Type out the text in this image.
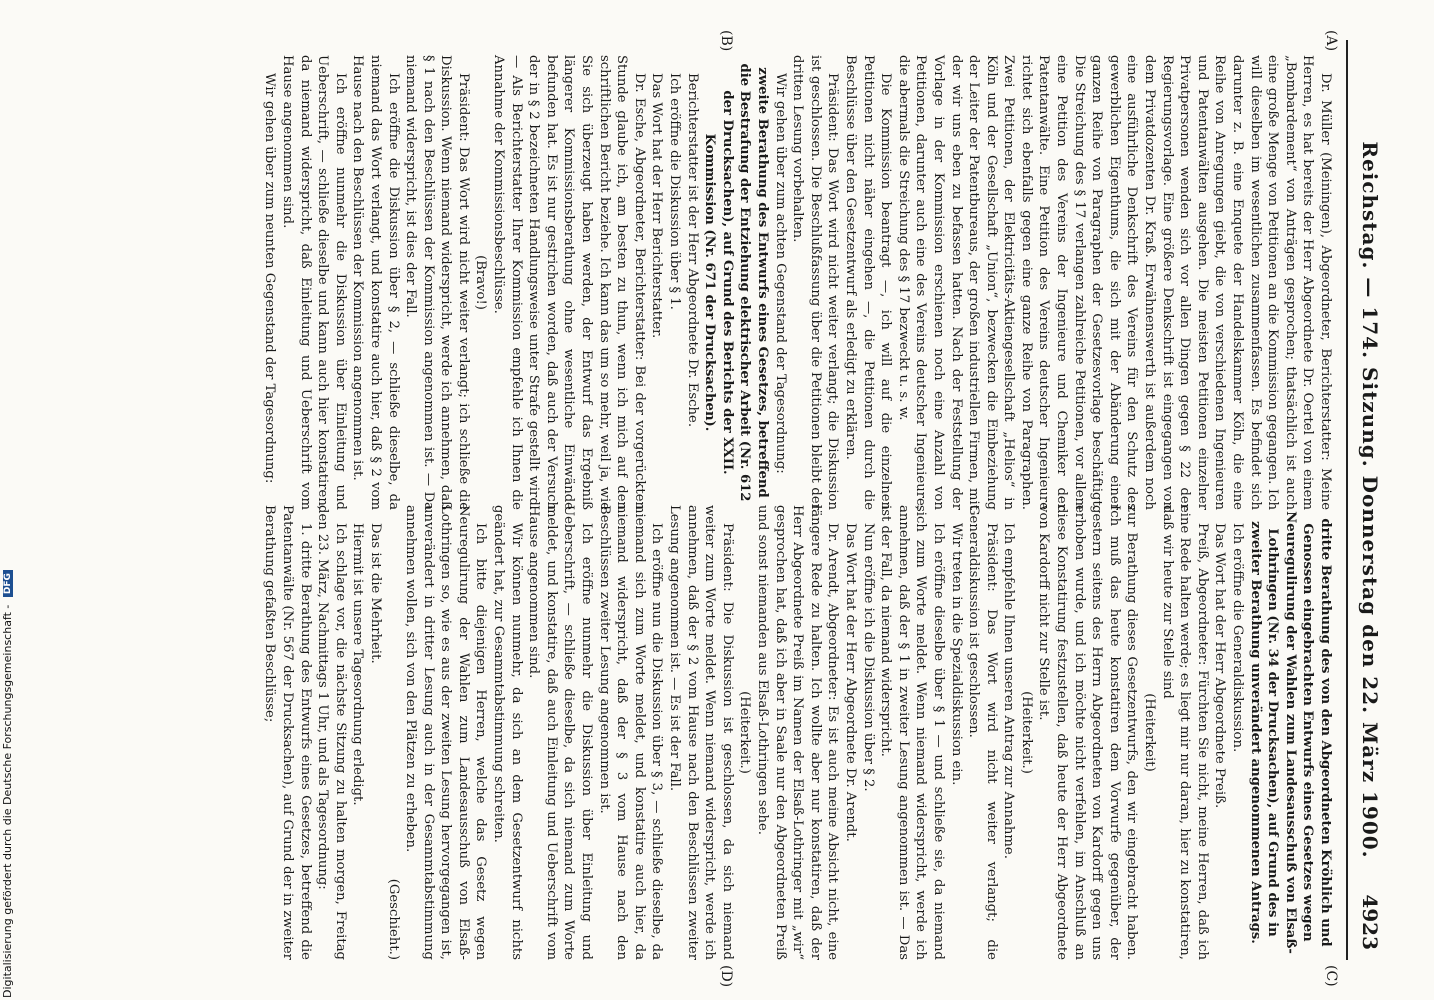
Reichstag. — 174. Sitzung. Donnerstag den 22. März 1900.
4923
(A)
(B)
(C)
(D)

Dr. Müller (Meiningen), Abgeordneter, Berichterstatter: Meine Herren, es hat bereits der Herr Abgeordnete Dr. Oertel von einem „Bombardement“ von Anträgen gesprochen; thatsächlich ist auch eine große Menge von Petitionen an die Kommission gegangen. Ich will dieselben im wesentlichen zusammenfassen. Es befindet sich darunter z. B. eine Enquete der Handelskammer Köln, die eine Reihe von Anregungen giebt, die von verschiedenen Ingenieuren und Patentanwälten ausgehen. Die meisten Petitionen einzelner Privatpersonen wenden sich vor allen Dingen gegen § 22 der Regierungsvorlage. Eine größere Denkschrift ist eingegangen von dem Privatdozenten Dr. Kraß. Erwähnenswerth ist außerdem noch eine ausführliche Denkschrift des Vereins für den Schutz des gewerblichen Eigenthums, die sich mit der Abänderung einer ganzen Reihe von Paragraphen der Gesetzesvorlage beschäftigt. Die Streichung des § 17 verlangen zahlreiche Petitionen, vor allem eine Petition des Vereins der Ingenieure und Chemiker der Patentanwälte. Eine Petition des Vereins deutscher Ingenieure richtet sich ebenfalls gegen eine ganze Reihe von Paragraphen. Zwei Petitionen, der Elektricitäts-Aktiengesellschaft „Helios“ in Köln und der Gesellschaft „Union“, bezwecken die Einbeziehung der Leiter der Patentbureaus, der großen industriellen Firmen, mit der wir uns eben zu befassen hatten. Nach der Feststellung der Vorlage in der Kommission erschienen noch eine Anzahl von Petitionen, darunter auch eine des Vereins deutscher Ingenieure, die abermals die Streichung des § 17 bezweckt u. s. w.

Die Kommission beantragt —, ich will auf die einzelnen Petitionen nicht näher eingehen —, die Petitionen durch die Beschlüsse über den Gesetzentwurf als erledigt zu erklären.

Präsident: Das Wort wird nicht weiter verlangt; die Diskussion ist geschlossen. Die Beschlußfassung über die Petitionen bleibt der dritten Lesung vorbehalten.

Wir gehen über zum achten Gegenstand der Tagesordnung:

zweite Berathung des Entwurfs eines Gesetzes, betreffend die Bestrafung der Entziehung elektrischer Arbeit (Nr. 612 der Drucksachen), auf Grund des Berichts der XXII. Kommission (Nr. 671 der Drucksachen).

Berichterstatter ist der Herr Abgeordnete Dr. Esche.

Ich eröffne die Diskussion über § 1.

Das Wort hat der Herr Berichterstatter.

Dr. Esche, Abgeordneter, Berichterstatter: Bei der vorgerückten Stunde glaube ich, am besten zu thun, wenn ich mich auf den schriftlichen Bericht beziehe. Ich kann das um so mehr, weil ja, wie Sie sich überzeugt haben werden, der Entwurf das Ergebniß längerer Kommissionsberathung ohne wesentliche Einwände befunden hat. Es ist nur gestrichen worden, daß auch der Versuch der in § 2 bezeichneten Handlungsweise unter Strafe gestellt wird. — Als Berichterstatter Ihrer Kommission empfehle ich Ihnen die Annahme der Kommissionsbeschlüsse.

(Bravo!)

Präsident: Das Wort wird nicht weiter verlangt; ich schließe die Diskussion. Wenn niemand widerspricht, werde ich annehmen, daß § 1 nach den Beschlüssen der Kommission angenommen ist. — Da niemand widerspricht, ist dies der Fall.

Ich eröffne die Diskussion über § 2, — schließe dieselbe, da niemand das Wort verlangt, und konstatire auch hier, daß § 2 vom Hause nach den Beschlüssen der Kommission angenommen ist.

Ich eröffne nunmehr die Diskussion über Einleitung und Ueberschrift, — schließe dieselbe und kann auch hier konstatiren, da niemand widerspricht, daß Einleitung und Ueberschrift vom Hause angenommen sind.

Wir gehen über zum neunten Gegenstand der Tagesordnung:

dritte Berathung des von den Abgeordneten Kröhlich und Genossen eingebrachten Entwurfs eines Gesetzes wegen Neuregulirung der Wahlen zum Landesausschuß von Elsaß-Lothringen (Nr. 34 der Drucksachen), auf Grund des in zweiter Berathung unverändert angenommenen Antrags.

Ich eröffne die Generaldiskussion.

Das Wort hat der Herr Abgeordnete Preiß.

Preiß, Abgeordneter: Fürchten Sie nicht, meine Herren, daß ich eine Rede halten werde; es liegt mir nur daran, hier zu konstatiren, daß wir heute zur Stelle sind

(Heiterkeit)

zur Berathung dieses Gesetzentwurfs, den wir eingebracht haben. Ich muß das heute konstatiren dem Vorwurfe gegenüber, der gestern seitens des Herrn Abgeordneten von Kardorff gegen uns erhoben wurde, und ich möchte nicht verfehlen, im Anschluß an diese Konstatirung festzustellen, daß heute der Herr Abgeordnete von Kardorff nicht zur Stelle ist.

(Heiterkeit.)

Ich empfehle Ihnen unseren Antrag zur Annahme.

Präsident: Das Wort wird nicht weiter verlangt; die Generaldiskussion ist geschlossen.

Wir treten in die Spezialdiskussion ein.

Ich eröffne dieselbe über § 1 — und schließe sie, da niemand sich zum Worte meldet. Wenn niemand widerspricht, werde ich annehmen, daß der § 1 in zweiter Lesung angenommen ist. — Das ist der Fall, da niemand widerspricht.

Nun eröffne ich die Diskussion über § 2.

Das Wort hat der Herr Abgeordnete Dr. Arendt.

Dr. Arendt, Abgeordneter: Es ist auch meine Absicht nicht, eine längere Rede zu halten. Ich wollte aber nur konstatiren, daß der Herr Abgeordnete Preiß im Namen der Elsaß-Lothringer mit „wir“ gesprochen hat, daß ich aber in Saale nur den Abgeordneten Preiß und sonst niemanden aus Elsaß-Lothringen sehe.

(Heiterkeit.)

Präsident: Die Diskussion ist geschlossen, da sich niemand weiter zum Worte meldet. Wenn niemand widerspricht, werde ich annehmen, daß der § 2 vom Hause nach den Beschlüssen zweiter Lesung angenommen ist. — Es ist der Fall.

Ich eröffne nun die Diskussion über § 3, — schließe dieselbe, da niemand sich zum Worte meldet, und konstatire auch hier, da niemand widerspricht, daß der § 3 vom Hause nach den Beschlüssen zweiter Lesung angenommen ist.

Ich eröffne nunmehr die Diskussion über Einleitung und Ueberschrift, — schließe dieselbe, da sich niemand zum Worte meldet, und konstatire, daß auch Einleitung und Ueberschrift vom Hause angenommen sind.

Wir können nunmehr, da sich an dem Gesetzentwurf nichts geändert hat, zur Gesammtabstimmung schreiten.

Ich bitte diejenigen Herren, welche das Gesetz wegen Neuregulirung der Wahlen zum Landesausschuß von Elsaß-Lothringen so, wie es aus der zweiten Lesung hervorgegangen ist, unverändert in dritter Lesung auch in der Gesammtabstimmung annehmen wollen, sich von den Plätzen zu erheben.

(Geschieht.)

Das ist die Mehrheit.

Hiermit ist unsere Tagesordnung erledigt.

Ich schlage vor, die nächste Sitzung zu halten morgen, Freitag den 23. März, Nachmittags 1 Uhr, und als Tagesordnung:

1. dritte Berathung des Entwurfs eines Gesetzes, betreffend die Patentanwälte (Nr. 567 der Drucksachen), auf Grund der in zweiter Berathung gefaßten Beschlüsse;

Digitalisierung gefördert durch die Deutsche Forschungsgemeinschaft - DFG
